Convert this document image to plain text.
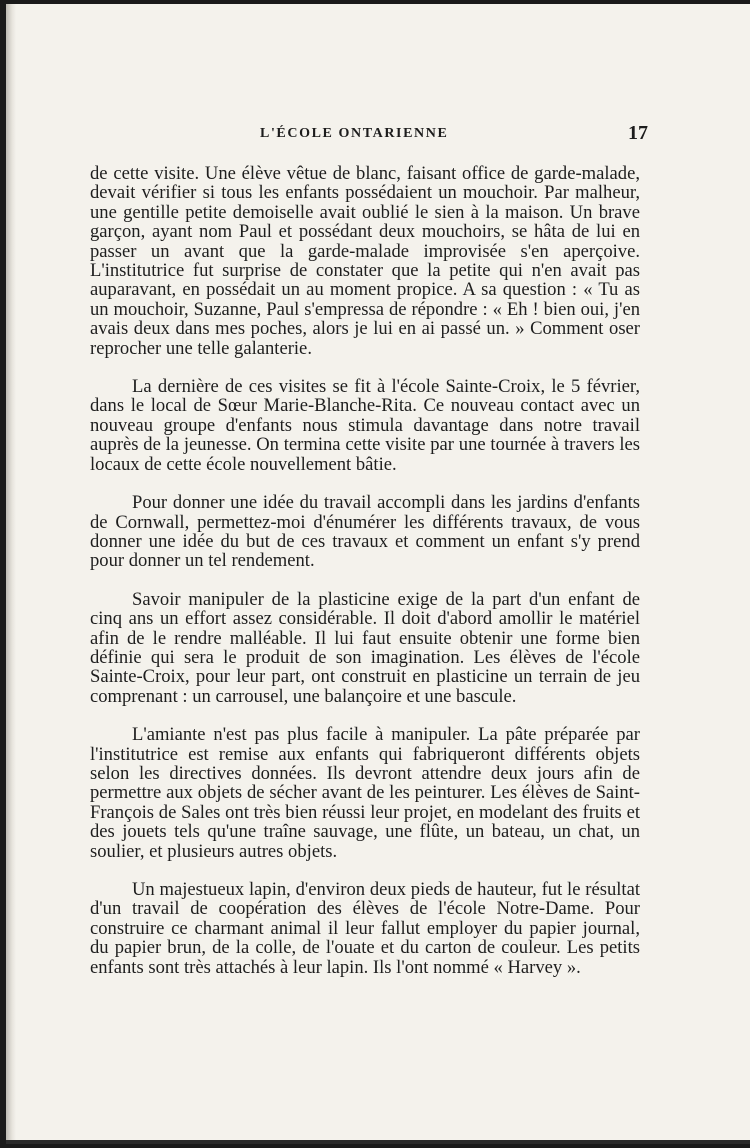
L'ÉCOLE ONTARIENNE	17

de cette visite. Une élève vêtue de blanc, faisant office de garde-malade, devait vérifier si tous les enfants possédaient un mouchoir. Par malheur, une gentille petite demoiselle avait oublié le sien à la maison. Un brave garçon, ayant nom Paul et possédant deux mouchoirs, se hâta de lui en passer un avant que la garde-malade improvisée s'en aperçoive. L'institutrice fut surprise de constater que la petite qui n'en avait pas auparavant, en possédait un au moment propice. A sa question : « Tu as un mouchoir, Suzanne, Paul s'empressa de répondre : « Eh ! bien oui, j'en avais deux dans mes poches, alors je lui en ai passé un. » Comment oser reprocher une telle galanterie.

La dernière de ces visites se fit à l'école Sainte-Croix, le 5 février, dans le local de Sœur Marie-Blanche-Rita. Ce nouveau contact avec un nouveau groupe d'enfants nous stimula davantage dans notre travail auprès de la jeunesse. On termina cette visite par une tournée à travers les locaux de cette école nouvellement bâtie.

Pour donner une idée du travail accompli dans les jardins d'enfants de Cornwall, permettez-moi d'énumérer les différents travaux, de vous donner une idée du but de ces travaux et comment un enfant s'y prend pour donner un tel rendement.

Savoir manipuler de la plasticine exige de la part d'un enfant de cinq ans un effort assez considérable. Il doit d'abord amollir le matériel afin de le rendre malléable. Il lui faut ensuite obtenir une forme bien définie qui sera le produit de son imagination. Les élèves de l'école Sainte-Croix, pour leur part, ont construit en plasticine un terrain de jeu comprenant : un carrousel, une balançoire et une bascule.

L'amiante n'est pas plus facile à manipuler. La pâte préparée par l'institutrice est remise aux enfants qui fabriqueront différents objets selon les directives données. Ils devront attendre deux jours afin de permettre aux objets de sécher avant de les peinturer. Les élèves de Saint-François de Sales ont très bien réussi leur projet, en modelant des fruits et des jouets tels qu'une traîne sauvage, une flûte, un bateau, un chat, un soulier, et plusieurs autres objets.

Un majestueux lapin, d'environ deux pieds de hauteur, fut le résultat d'un travail de coopération des élèves de l'école Notre-Dame. Pour construire ce charmant animal il leur fallut employer du papier journal, du papier brun, de la colle, de l'ouate et du carton de couleur. Les petits enfants sont très attachés à leur lapin. Ils l'ont nommé « Harvey ».
